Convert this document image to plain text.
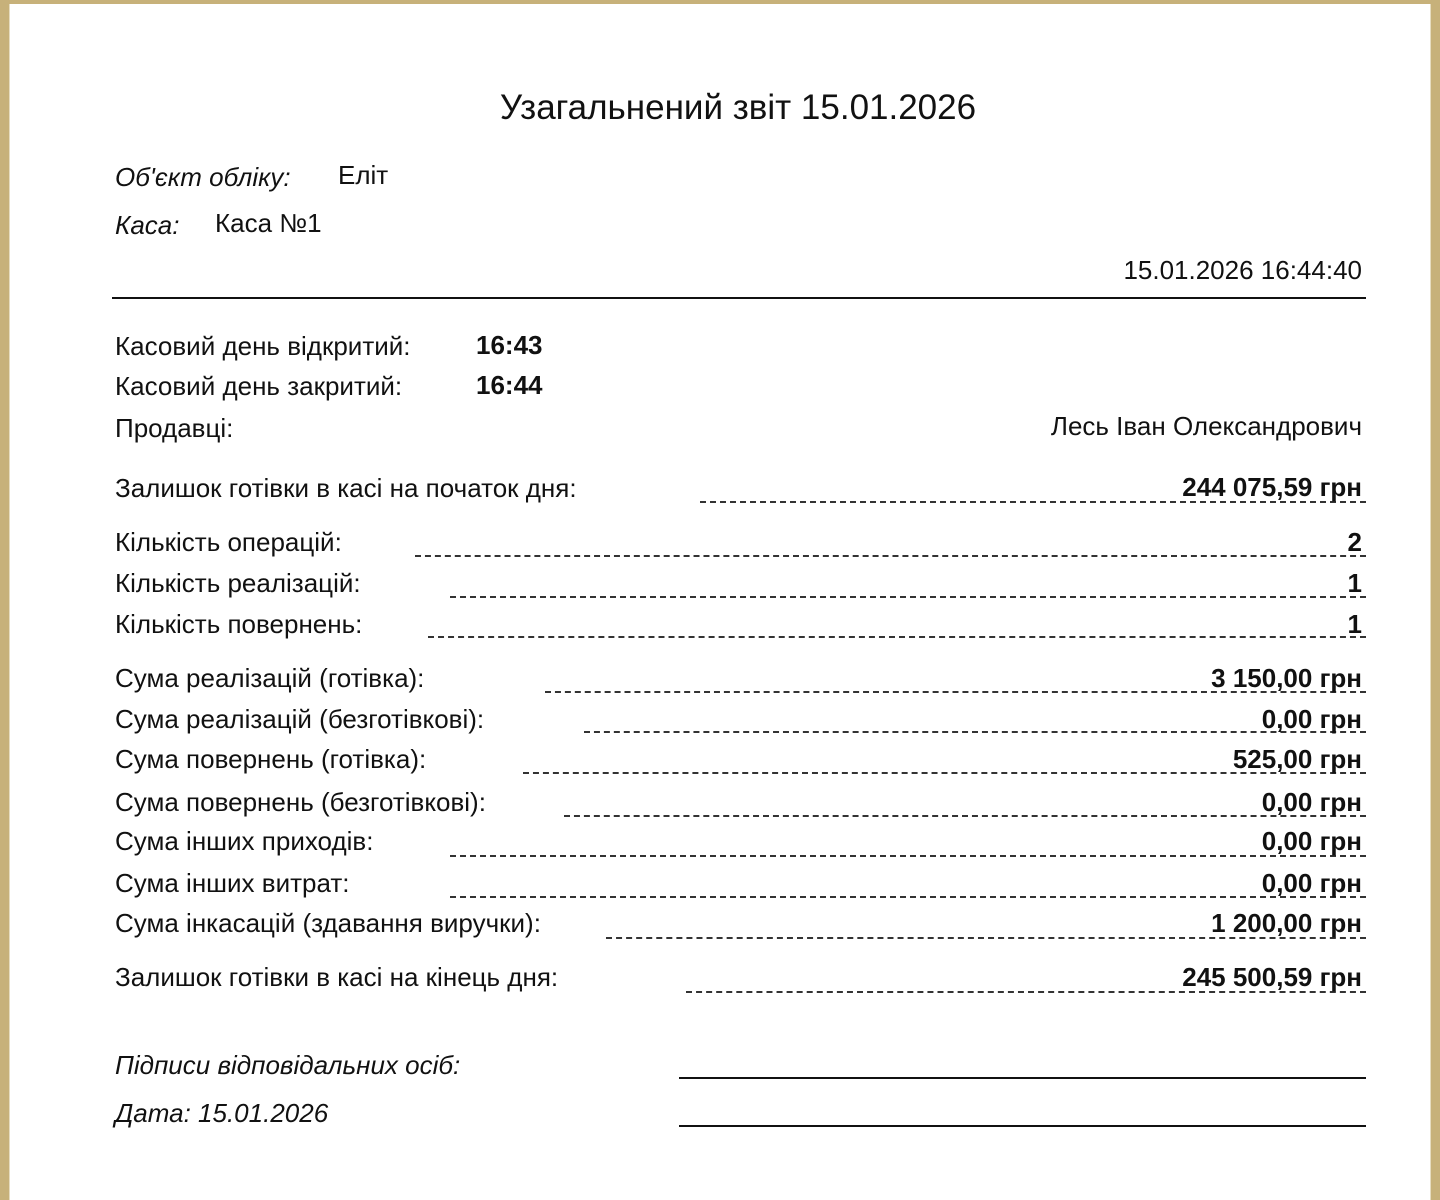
Узагальнений звіт 15.01.2026
Об'єкт обліку: Еліт
Каса: Каса №1
15.01.2026 16:44:40
Касовий день відкритий:	16:43
Касовий день закритий:	16:44
Продавці:	Лесь Іван Олександрович
Залишок готівки в касі на початок дня:	244 075,59 грн
Кількість операцій:	2
Кількість реалізацій:	1
Кількість повернень:	1
Сума реалізацій (готівка):	3 150,00 грн
Сума реалізацій (безготівкові):	0,00 грн
Сума повернень (готівка):	525,00 грн
Сума повернень (безготівкові):	0,00 грн
Сума інших приходів:	0,00 грн
Сума інших витрат:	0,00 грн
Сума інкасацій (здавання виручки):	1 200,00 грн
Залишок готівки в касі на кінець дня:	245 500,59 грн
Підписи відповідальних осіб:
Дата: 15.01.2026
